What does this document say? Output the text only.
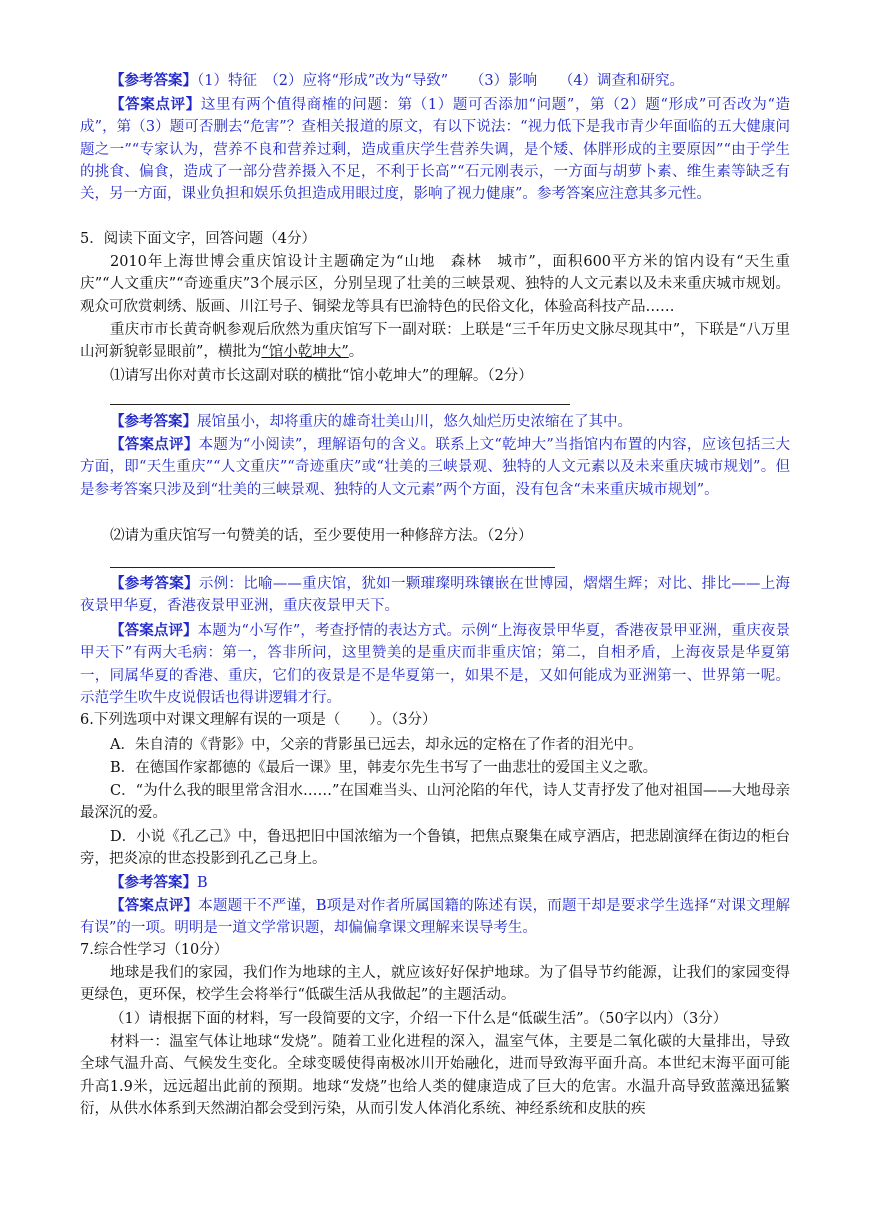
【参考答案】（1）特征　（2）应将“形成”改为“导致”　　（3）影响　　（4）调查和研究。

【答案点评】这里有两个值得商榷的问题：第（1）题可否添加“问题”，第（2）题“形成”可否改为“造成”，第（3）题可否删去“危害”？查相关报道的原文，有以下说法：“视力低下是我市青少年面临的五大健康问题之一”“专家认为，营养不良和营养过剩，造成重庆学生营养失调，是个矮、体胖形成的主要原因”“由于学生的挑食、偏食，造成了一部分营养摄入不足，不利于长高”“石元刚表示，一方面与胡萝卜素、维生素等缺乏有关，另一方面，课业负担和娱乐负担造成用眼过度，影响了视力健康”。参考答案应注意其多元性。

5．阅读下面文字，回答问题（4分）

2010年上海世博会重庆馆设计主题确定为“山地　森林　城市”，面积600平方米的馆内设有“天生重庆”“人文重庆”“奇迹重庆”3个展示区，分别呈现了壮美的三峡景观、独特的人文元素以及未来重庆城市规划。观众可欣赏刺绣、版画、川江号子、铜梁龙等具有巴渝特色的民俗文化，体验高科技产品……

重庆市市长黄奇帆参观后欣然为重庆馆写下一副对联：上联是“三千年历史文脉尽现其中”，下联是“八万里山河新貌彰显眼前”，横批为“馆小乾坤大”。

⑴请写出你对黄市长这副对联的横批“馆小乾坤大”的理解。（2分）

【参考答案】展馆虽小，却将重庆的雄奇壮美山川，悠久灿烂历史浓缩在了其中。

【答案点评】本题为“小阅读”，理解语句的含义。联系上文“乾坤大”当指馆内布置的内容，应该包括三大方面，即“天生重庆”“人文重庆”“奇迹重庆”或“壮美的三峡景观、独特的人文元素以及未来重庆城市规划”。但是参考答案只涉及到“壮美的三峡景观、独特的人文元素”两个方面，没有包含“未来重庆城市规划”。

⑵请为重庆馆写一句赞美的话，至少要使用一种修辞方法。（2分）

【参考答案】示例：比喻——重庆馆，犹如一颗璀璨明珠镶嵌在世博园，熠熠生辉；对比、排比——上海夜景甲华夏，香港夜景甲亚洲，重庆夜景甲天下。

【答案点评】本题为“小写作”，考查抒情的表达方式。示例“上海夜景甲华夏，香港夜景甲亚洲，重庆夜景甲天下”有两大毛病：第一，答非所问，这里赞美的是重庆而非重庆馆；第二，自相矛盾，上海夜景是华夏第一，同属华夏的香港、重庆，它们的夜景是不是华夏第一，如果不是，又如何能成为亚洲第一、世界第一呢。示范学生吹牛皮说假话也得讲逻辑才行。

6.下列选项中对课文理解有误的一项是（　　）。（3分）

A．朱自清的《背影》中，父亲的背影虽已远去，却永远的定格在了作者的泪光中。

B．在德国作家都德的《最后一课》里，韩麦尔先生书写了一曲悲壮的爱国主义之歌。

C．“为什么我的眼里常含泪水……”在国难当头、山河沦陷的年代，诗人艾青抒发了他对祖国——大地母亲最深沉的爱。

D．小说《孔乙己》中，鲁迅把旧中国浓缩为一个鲁镇，把焦点聚集在咸亨酒店，把悲剧演绎在街边的柜台旁，把炎凉的世态投影到孔乙己身上。

【参考答案】B

【答案点评】本题题干不严谨，B项是对作者所属国籍的陈述有误，而题干却是要求学生选择“对课文理解有误”的一项。明明是一道文学常识题，却偏偏拿课文理解来误导考生。

7.综合性学习（10分）

地球是我们的家园，我们作为地球的主人，就应该好好保护地球。为了倡导节约能源，让我们的家园变得更绿色，更环保，校学生会将举行“低碳生活从我做起”的主题活动。

（1）请根据下面的材料，写一段简要的文字，介绍一下什么是“低碳生活”。（50字以内）（3分）

材料一：温室气体让地球“发烧”。随着工业化进程的深入，温室气体，主要是二氧化碳的大量排出，导致全球气温升高、气候发生变化。全球变暖使得南极冰川开始融化，进而导致海平面升高。本世纪末海平面可能升高1.9米，远远超出此前的预期。地球“发烧”也给人类的健康造成了巨大的危害。水温升高导致蓝藻迅猛繁衍，从供水体系到天然湖泊都会受到污染，从而引发人体消化系统、神经系统和皮肤的疾
